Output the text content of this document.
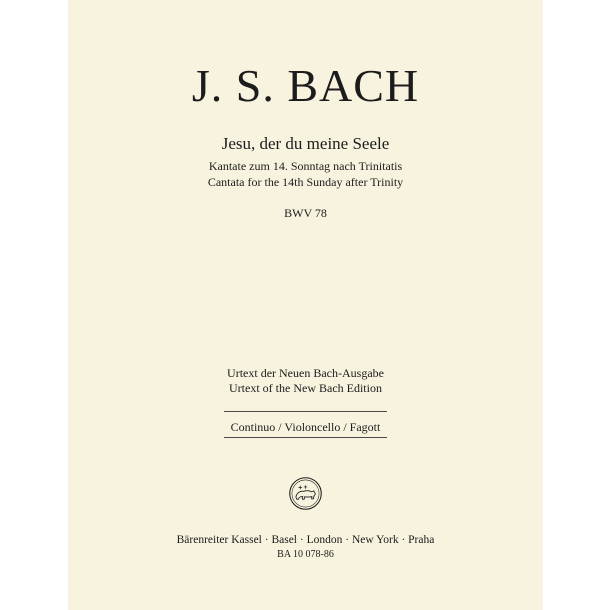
J. S. BACH
Jesu, der du meine Seele
Kantate zum 14. Sonntag nach Trinitatis
Cantata for the 14th Sunday after Trinity
BWV 78
Urtext der Neuen Bach-Ausgabe
Urtext of the New Bach Edition
Continuo / Violoncello / Fagott
Bärenreiter Kassel · Basel · London · New York · Praha
BA 10 078-86
